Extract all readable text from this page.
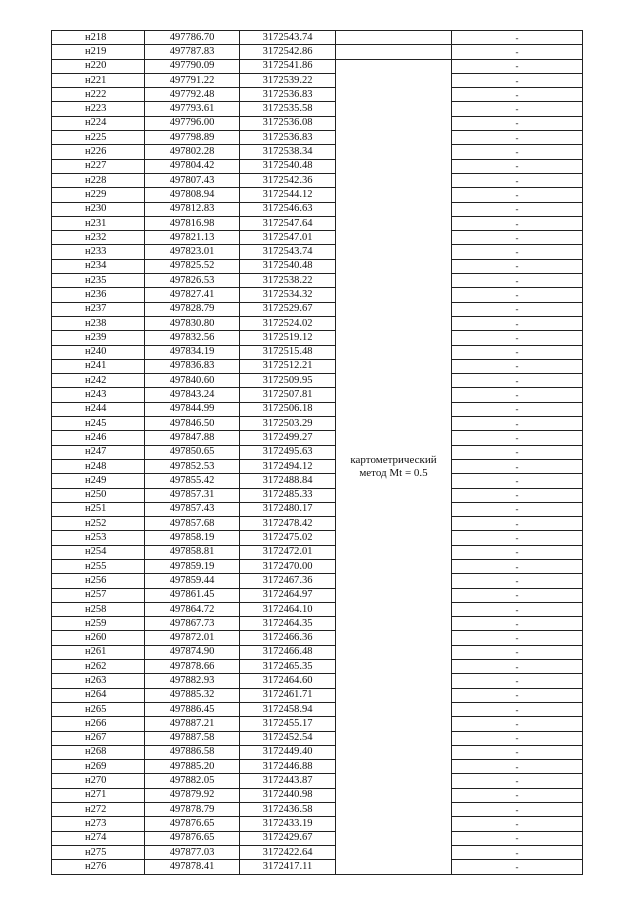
н218	497786.70	3172543.74		-
н219	497787.83	3172542.86		-
н220	497790.09	3172541.86	картометрический метод Mt = 0.5	-
н221	497791.22	3172539.22		-
н222	497792.48	3172536.83		-
н223	497793.61	3172535.58		-
н224	497796.00	3172536.08		-
н225	497798.89	3172536.83		-
н226	497802.28	3172538.34		-
н227	497804.42	3172540.48		-
н228	497807.43	3172542.36		-
н229	497808.94	3172544.12		-
н230	497812.83	3172546.63		-
н231	497816.98	3172547.64		-
н232	497821.13	3172547.01		-
н233	497823.01	3172543.74		-
н234	497825.52	3172540.48		-
н235	497826.53	3172538.22		-
н236	497827.41	3172534.32		-
н237	497828.79	3172529.67		-
н238	497830.80	3172524.02		-
н239	497832.56	3172519.12		-
н240	497834.19	3172515.48		-
н241	497836.83	3172512.21		-
н242	497840.60	3172509.95		-
н243	497843.24	3172507.81		-
н244	497844.99	3172506.18		-
н245	497846.50	3172503.29		-
н246	497847.88	3172499.27		-
н247	497850.65	3172495.63		-
н248	497852.53	3172494.12		-
н249	497855.42	3172488.84		-
н250	497857.31	3172485.33		-
н251	497857.43	3172480.17		-
н252	497857.68	3172478.42		-
н253	497858.19	3172475.02		-
н254	497858.81	3172472.01		-
н255	497859.19	3172470.00		-
н256	497859.44	3172467.36		-
н257	497861.45	3172464.97		-
н258	497864.72	3172464.10		-
н259	497867.73	3172464.35		-
н260	497872.01	3172466.36		-
н261	497874.90	3172466.48		-
н262	497878.66	3172465.35		-
н263	497882.93	3172464.60		-
н264	497885.32	3172461.71		-
н265	497886.45	3172458.94		-
н266	497887.21	3172455.17		-
н267	497887.58	3172452.54		-
н268	497886.58	3172449.40		-
н269	497885.20	3172446.88		-
н270	497882.05	3172443.87		-
н271	497879.92	3172440.98		-
н272	497878.79	3172436.58		-
н273	497876.65	3172433.19		-
н274	497876.65	3172429.67		-
н275	497877.03	3172422.64		-
н276	497878.41	3172417.11		-
